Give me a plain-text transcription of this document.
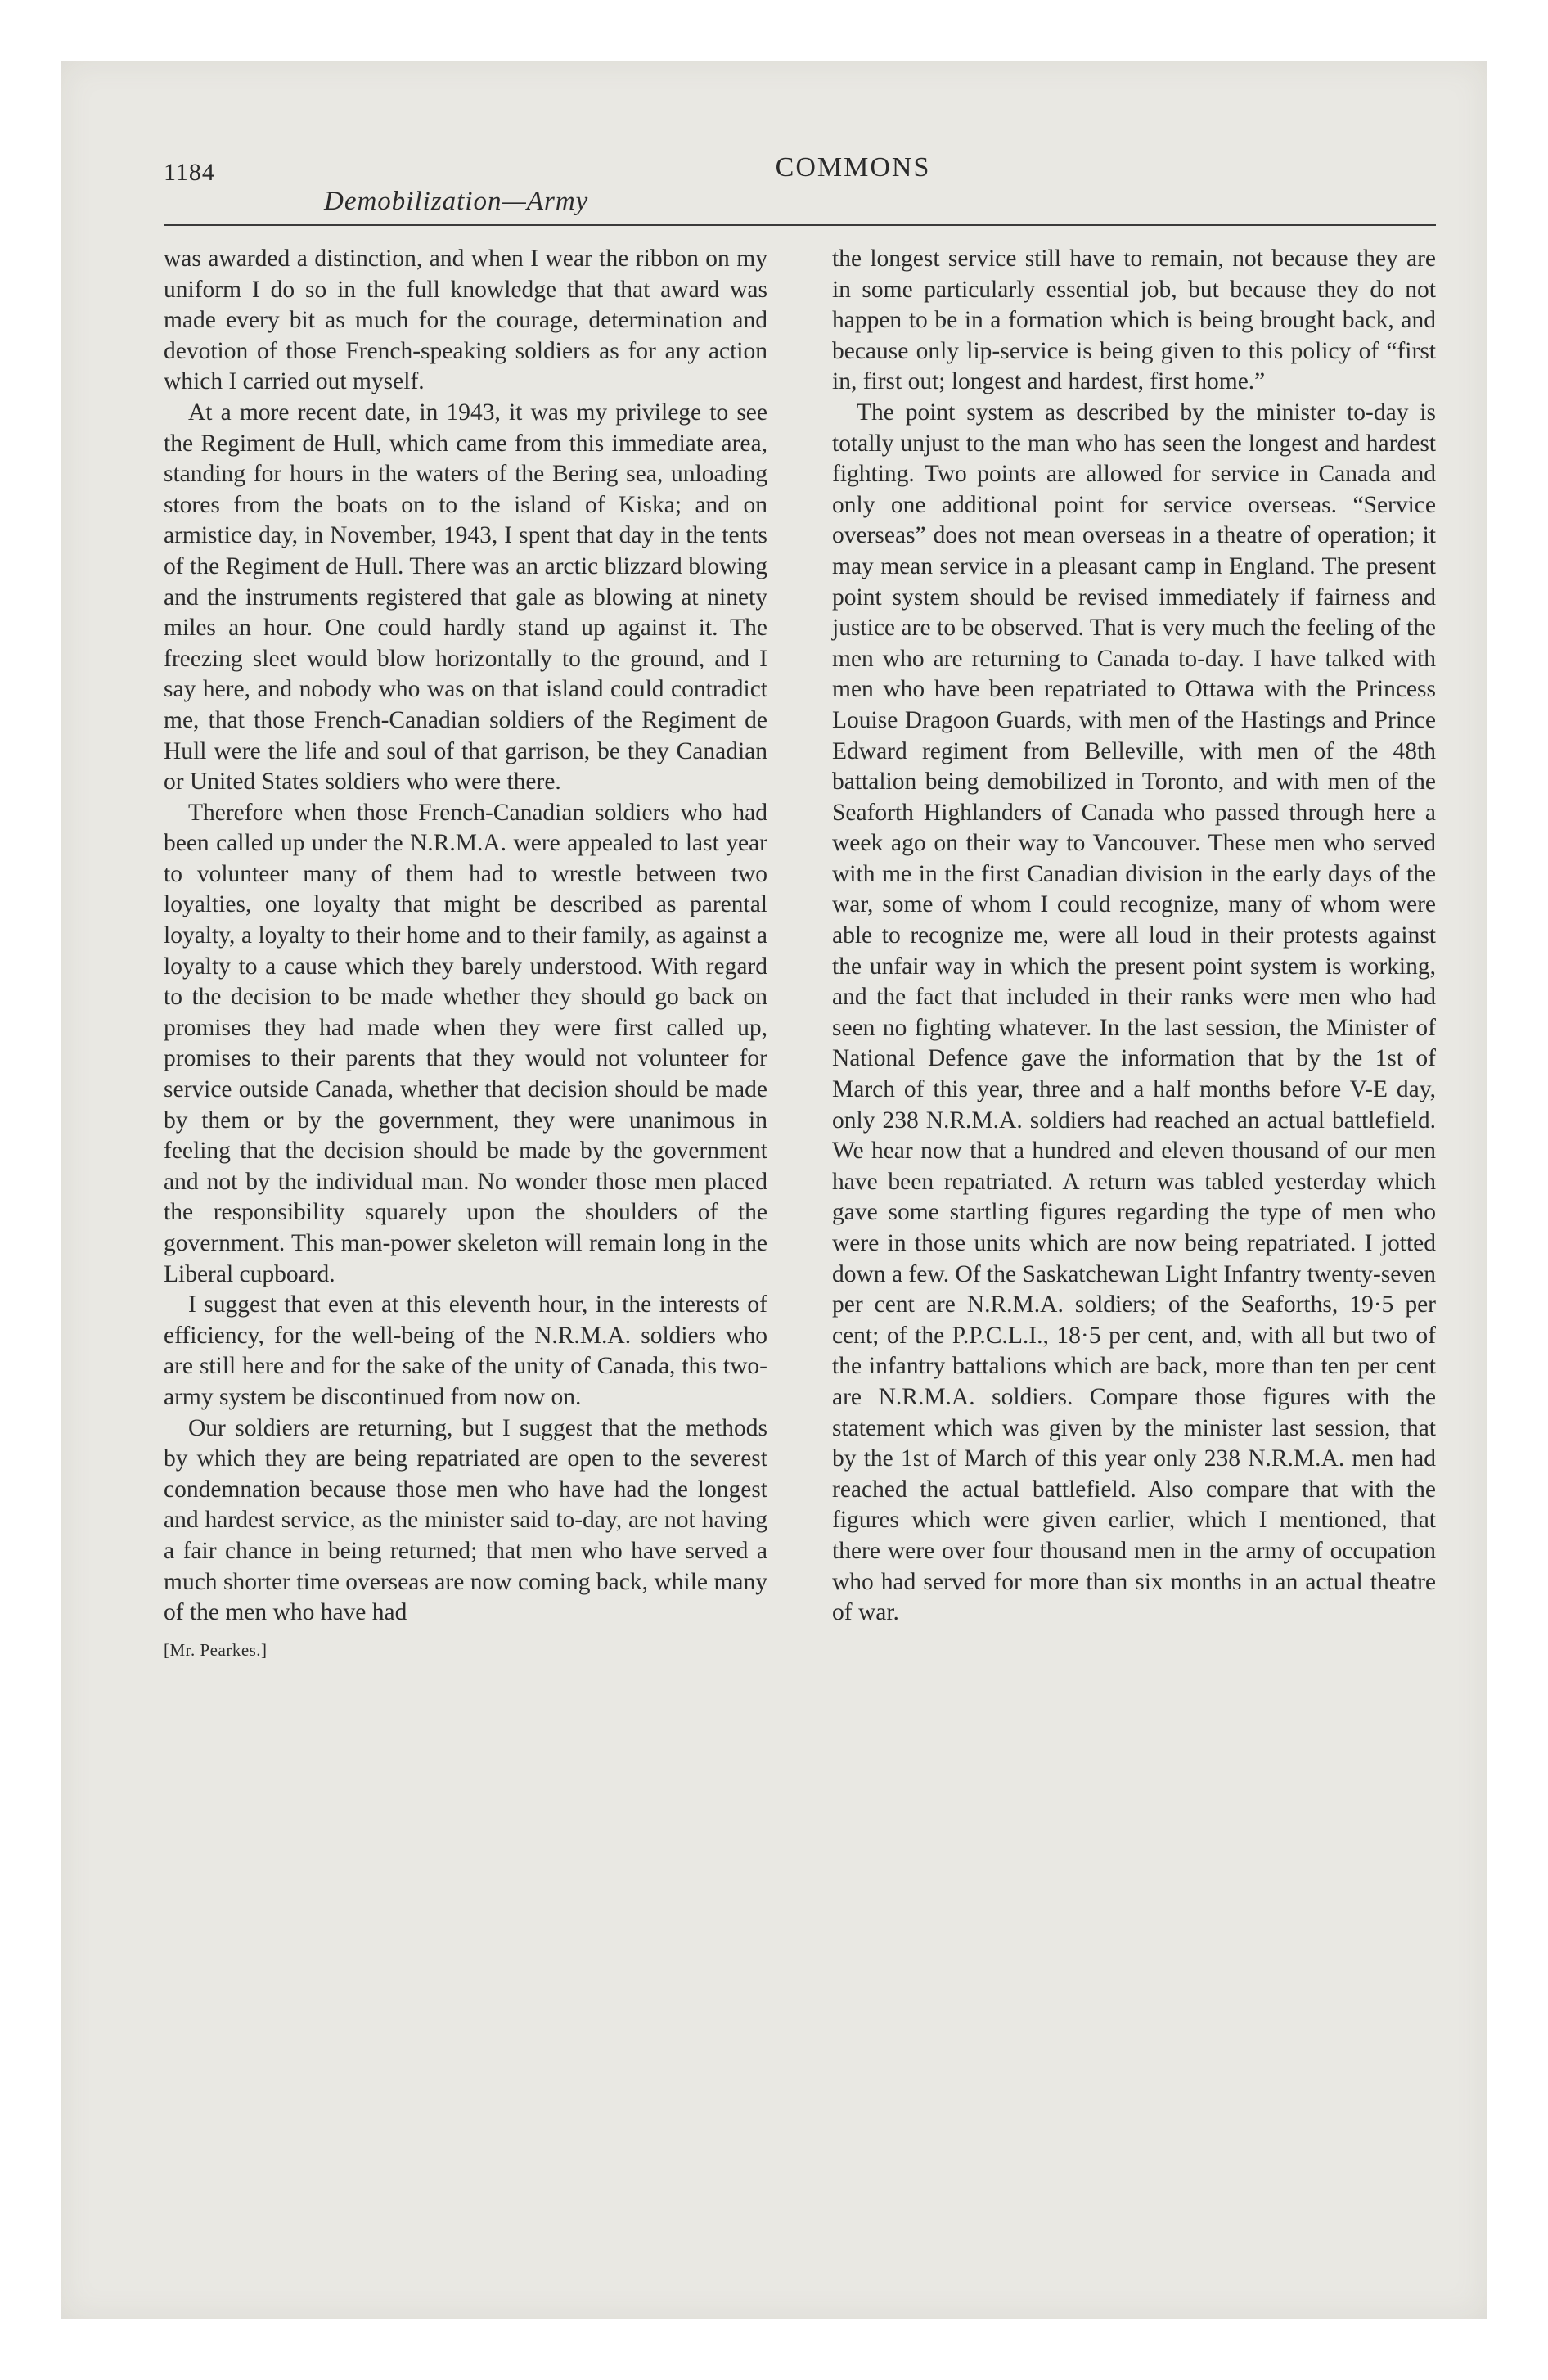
1184	COMMONS
Demobilization—Army

was awarded a distinction, and when I wear the ribbon on my uniform I do so in the full knowledge that that award was made every bit as much for the courage, determination and devotion of those French-speaking soldiers as for any action which I carried out myself.

At a more recent date, in 1943, it was my privilege to see the Regiment de Hull, which came from this immediate area, standing for hours in the waters of the Bering sea, unloading stores from the boats on to the island of Kiska; and on armistice day, in November, 1943, I spent that day in the tents of the Regiment de Hull. There was an arctic blizzard blowing and the instruments registered that gale as blowing at ninety miles an hour. One could hardly stand up against it. The freezing sleet would blow horizontally to the ground, and I say here, and nobody who was on that island could contradict me, that those French-Canadian soldiers of the Regiment de Hull were the life and soul of that garrison, be they Canadian or United States soldiers who were there.

Therefore when those French-Canadian soldiers who had been called up under the N.R.M.A. were appealed to last year to volunteer many of them had to wrestle between two loyalties, one loyalty that might be described as parental loyalty, a loyalty to their home and to their family, as against a loyalty to a cause which they barely understood. With regard to the decision to be made whether they should go back on promises they had made when they were first called up, promises to their parents that they would not volunteer for service outside Canada, whether that decision should be made by them or by the government, they were unanimous in feeling that the decision should be made by the government and not by the individual man. No wonder those men placed the responsibility squarely upon the shoulders of the government. This man-power skeleton will remain long in the Liberal cupboard.

I suggest that even at this eleventh hour, in the interests of efficiency, for the well-being of the N.R.M.A. soldiers who are still here and for the sake of the unity of Canada, this two-army system be discontinued from now on.

Our soldiers are returning, but I suggest that the methods by which they are being repatriated are open to the severest condemnation because those men who have had the longest and hardest service, as the minister said to-day, are not having a fair chance in being returned; that men who have served a much shorter time overseas are now coming back, while many of the men who have had

[Mr. Pearkes.]

the longest service still have to remain, not because they are in some particularly essential job, but because they do not happen to be in a formation which is being brought back, and because only lip-service is being given to this policy of “first in, first out; longest and hardest, first home.”

The point system as described by the minister to-day is totally unjust to the man who has seen the longest and hardest fighting. Two points are allowed for service in Canada and only one additional point for service overseas. “Service overseas” does not mean overseas in a theatre of operation; it may mean service in a pleasant camp in England. The present point system should be revised immediately if fairness and justice are to be observed. That is very much the feeling of the men who are returning to Canada to-day. I have talked with men who have been repatriated to Ottawa with the Princess Louise Dragoon Guards, with men of the Hastings and Prince Edward regiment from Belleville, with men of the 48th battalion being demobilized in Toronto, and with men of the Seaforth Highlanders of Canada who passed through here a week ago on their way to Vancouver. These men who served with me in the first Canadian division in the early days of the war, some of whom I could recognize, many of whom were able to recognize me, were all loud in their protests against the unfair way in which the present point system is working, and the fact that included in their ranks were men who had seen no fighting whatever. In the last session, the Minister of National Defence gave the information that by the 1st of March of this year, three and a half months before V-E day, only 238 N.R.M.A. soldiers had reached an actual battlefield. We hear now that a hundred and eleven thousand of our men have been repatriated. A return was tabled yesterday which gave some startling figures regarding the type of men who were in those units which are now being repatriated. I jotted down a few. Of the Saskatchewan Light Infantry twenty-seven per cent are N.R.M.A. soldiers; of the Seaforths, 19·5 per cent; of the P.P.C.L.I., 18·5 per cent, and, with all but two of the infantry battalions which are back, more than ten per cent are N.R.M.A. soldiers. Compare those figures with the statement which was given by the minister last session, that by the 1st of March of this year only 238 N.R.M.A. men had reached the actual battlefield. Also compare that with the figures which were given earlier, which I mentioned, that there were over four thousand men in the army of occupation who had served for more than six months in an actual theatre of war.
